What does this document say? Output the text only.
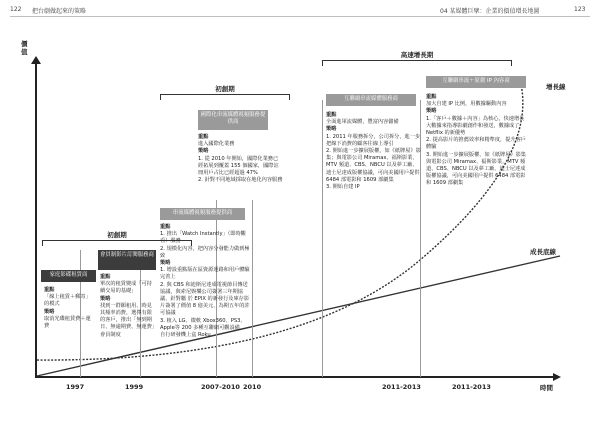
122 把台劇做起來的策略	04 某媒體巨擘：企業的價值增長地圖	123
價值
時間
增長線
成長底線
1997	1999	2007-2010 2010	2011-2013	2011-2013
初創期
初創期
高速增長期
家庭影碟租賃商
重點
「線上租賃＋郵寄」的模式
策略
取消光碟租賃費＋運費
會員制影片訂閱服務商
重點
單次的租賃變成「可持續交易的基礎」
策略
找到一群願租用、時見其頻率消費，選擇有限的客戶，推出「無到期日、無逾期費、無運費」會員制度
串流媒體視頻服務提供商
重點
1. 推出「Watch Instantly」（即時觀看）服務
2. 規模化內容，把內容分發能力做到極致
策略
1. 增設重點版在區資源運路和用戶體驗完善上
2. 與 CBS 和迪斯尼達成電視節目傳送協議，與索尼娛樂公司簽署三年期協議、針對屬 於 EPIX 的新發行及庫存影片簽署了價值 8 億美元、為期五年的許可協議
3. 植入 LG、微軟 Xbox360、PS3、Apple等 200 多種互聯網可觀設備，自行研發機上盒 Roku
國際化串流媒體視頻服務提供商
重點
進入國際化業務
策略
1. 從 2010 年開始，國際化業務已經拓展到覆蓋 155 個國家，國際註冊用戶占比已經超過 47%
2. 針對不同地域採取在地化內容服務
互聯網串流媒體服務商
重點
全面進軍流媒體，豐富內容儲備
策略
1. 2011 年服務拆分，公司拆分，進一步把線下消費的顧客往線上導引
2. 開始進一步擴展版權，如《紙牌屋》影集；與電影公司 Miramax、福斯影業、MTV 頻道、CBS、NBCU 以及夢工廠、迪士尼達成版權協議，可向美國用戶提供 6484 部電影和 1609 部劇集
3. 開始自建 IP
互聯網串流＋原創 IP 內容商
重點
加大自建 IP 比例，用數據驅動內容
策略
1.「客戶＋數據＋內容」為核心，快速增長大數據來指導影劇創作和發送，數據成了 Netflix 的新優勢
2. 提高影片的推薦效率和精準度，提升客戶體驗
3. 開始進一步擴展版權，如《紙牌屋》影集與電影公司 Miramax、福斯影業、MTV 頻道、CBS、NBCU 以及夢工廠、迪士尼達成版權協議，可向美國用戶提供 6484 部電影和 1609 部劇集
